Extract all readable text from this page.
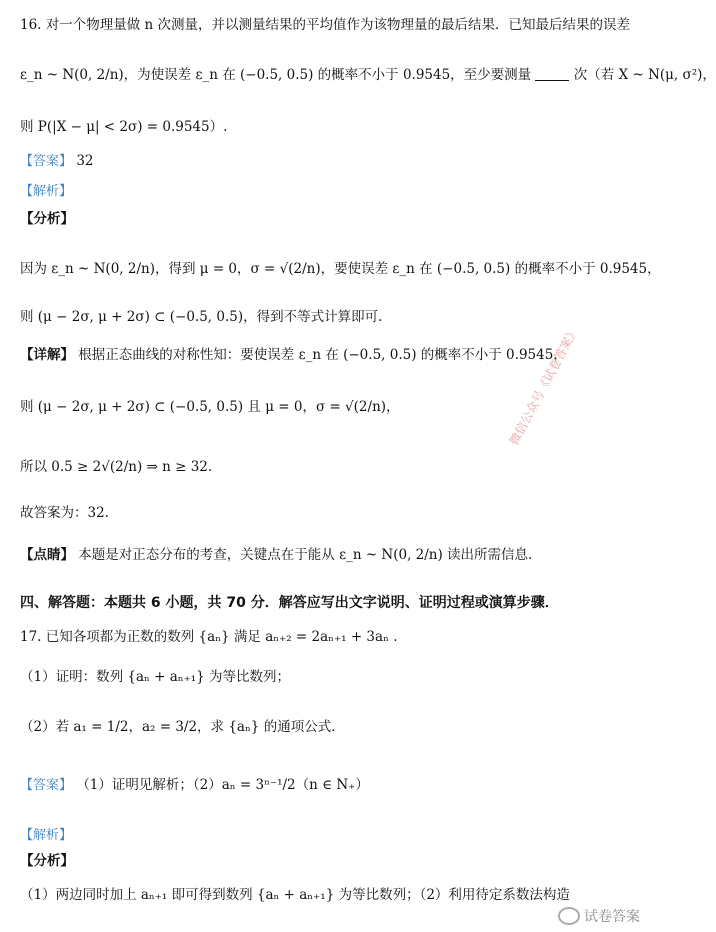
16. 对一个物理量做 n 次测量，并以测量结果的平均值作为该物理量的最后结果．已知最后结果的误差
ε_n ~ N(0, 2/n)，为使误差 ε_n 在 (−0.5, 0.5) 的概率不小于 0.9545，至少要测量	次（若 X ~ N(μ, σ²)，
则 P(|X − μ| < 2σ) = 0.9545）.
【答案】 32
【解析】
【分析】
因为 ε_n ~ N(0, 2/n)，得到 μ = 0，σ = √(2/n)，要使误差 ε_n 在 (−0.5, 0.5) 的概率不小于 0.9545，
则 (μ − 2σ, μ + 2σ) ⊂ (−0.5, 0.5)，得到不等式计算即可.
【详解】 根据正态曲线的对称性知：要使误差 ε_n 在 (−0.5, 0.5) 的概率不小于 0.9545，
则 (μ − 2σ, μ + 2σ) ⊂ (−0.5, 0.5) 且 μ = 0，σ = √(2/n)，
所以 0.5 ≥ 2√(2/n) ⇒ n ≥ 32.
故答案为：32.
【点睛】 本题是对正态分布的考查，关键点在于能从 ε_n ~ N(0, 2/n) 读出所需信息.
四、解答题：本题共 6 小题，共 70 分．解答应写出文字说明、证明过程或演算步骤．
17. 已知各项都为正数的数列 {aₙ} 满足 aₙ₊₂ = 2aₙ₊₁ + 3aₙ .
（1）证明：数列 {aₙ + aₙ₊₁} 为等比数列；
（2）若 a₁ = 1/2，a₂ = 3/2，求 {aₙ} 的通项公式.
【答案】 （1）证明见解析；（2）aₙ = 3ⁿ⁻¹/2（n ∈ N₊）
【解析】
【分析】
（1）两边同时加上 aₙ₊₁ 即可得到数列 {aₙ + aₙ₊₁} 为等比数列；（2）利用待定系数法构造
微信公众号《试卷答案》
试卷答案
